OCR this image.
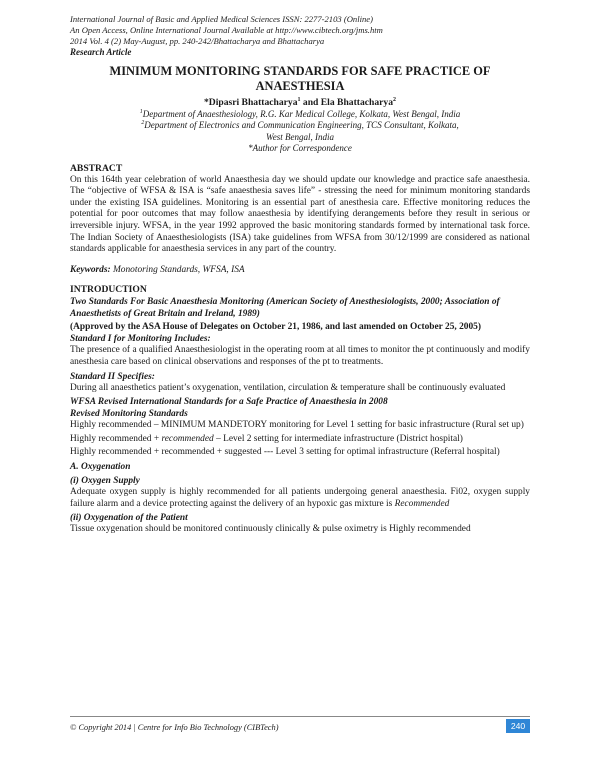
International Journal of Basic and Applied Medical Sciences ISSN: 2277-2103 (Online)
An Open Access, Online International Journal Available at http://www.cibtech.org/jms.htm
2014 Vol. 4 (2) May-August, pp. 240-242/Bhattacharya and Bhattacharya
Research Article
MINIMUM MONITORING STANDARDS FOR SAFE PRACTICE OF
ANAESTHESIA
*Dipasri Bhattacharya$^1$ and Ela Bhattacharya$^2$
$^1$Department of Anaesthesiology, R.G. Kar Medical College, Kolkata, West Bengal, India
$^2$Department of Electronics and Communication Engineering, TCS Consultant, Kolkata,
West Bengal, India
*Author for Correspondence
ABSTRACT
On this 164th year celebration of world Anaesthesia day we should update our knowledge and practice safe anaesthesia. The “objective of WFSA & ISA is “safe anaesthesia saves life” - stressing the need for minimum monitoring standards under the existing ISA guidelines. Monitoring is an essential part of anesthesia care. Effective monitoring reduces the potential for poor outcomes that may follow anaesthesia by identifying derangements before they result in serious or irreversible injury. WFSA, in the year 1992 approved the basic monitoring standards formed by international task force. The Indian Society of Anaesthesiologists (ISA) take guidelines from WFSA from 30/12/1999 are considered as national standards applicable for anaesthesia services in any part of the country.
Keywords: Monotoring Standards, WFSA, ISA
INTRODUCTION
Two Standards For Basic Anaesthesia Monitoring (American Society of Anesthesiologists, 2000; Association of Anaesthetists of Great Britain and Ireland, 1989)
(Approved by the ASA House of Delegates on October 21, 1986, and last amended on October 25, 2005)
Standard I for Monitoring Includes:
The presence of a qualified Anaesthesiologist in the operating room at all times to monitor the pt continuously and modify anesthesia care based on clinical observations and responses of the pt to treatments.
Standard II Specifies:
During all anaesthetics patient’s oxygenation, ventilation, circulation & temperature shall be continuously evaluated
WFSA Revised International Standards for a Safe Practice of Anaesthesia in 2008
Revised Monitoring Standards
Highly recommended – MINIMUM MANDETORY monitoring for Level 1 setting for basic infrastructure (Rural set up)
Highly recommended + recommended – Level 2 setting for intermediate infrastructure (District hospital)
Highly recommended + recommended + suggested --- Level 3 setting for optimal infrastructure (Referral hospital)
A. Oxygenation
(i) Oxygen Supply
Adequate oxygen supply is highly recommended for all patients undergoing general anaesthesia. Fi02, oxygen supply failure alarm and a device protecting against the delivery of an hypoxic gas mixture is Recommended
(ii) Oxygenation of the Patient
Tissue oxygenation should be monitored continuously clinically & pulse oximetry is Highly recommended
© Copyright 2014 | Centre for Info Bio Technology (CIBTech)	240
